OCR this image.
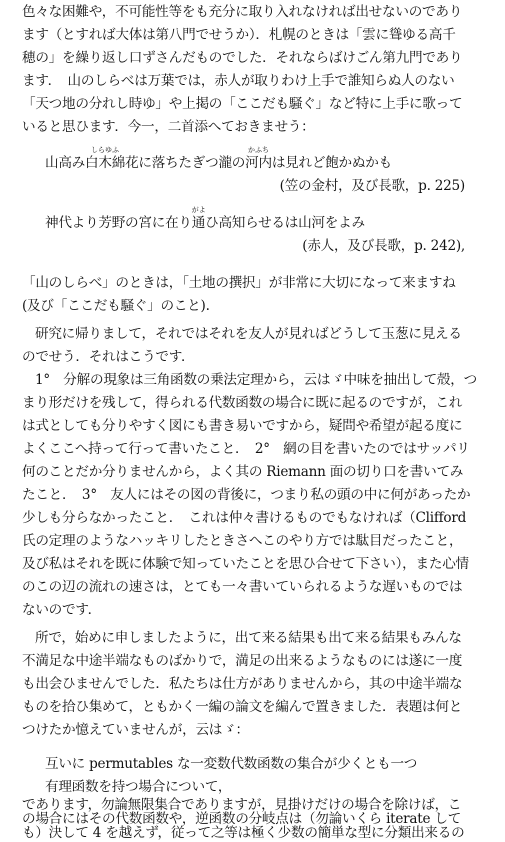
色々な困難や，不可能性等をも充分に取り入れなければ出せないのであり
ます（とすれば大体は第八門でせうか）．札幌のときは「雲に聳ゆる高千
穂の」を繰り返し口ずさんだものでした．それならばけごん第九門であり
ます．　山のしらべは万葉では，赤人が取りわけ上手で誰知らぬ人のない
「天つ地の分れし時ゆ」や上掲の「ここだも騒ぐ」など特に上手に歌って
いると思ひます．今一，二首添へておきませう：
山高み
しらゆふ
白木綿花に落ちたぎつ瀧の
かふち
河内は見れど飽かぬかも
(笠の金村，及び長歌，p. 225)
神代より芳野の宮に在り
がよ
通ひ高知らせるは山河をよみ
(赤人，及び長歌，p. 242),
「山のしらべ」のときは，「土地の撰択」が非常に大切になって来ますね
(及び「ここだも騒ぐ」のこと).
研究に帰りまして，それではそれを友人が見ればどうして玉葱に見える
のでせう．それはこうです．
1°　分解の現象は三角函数の乗法定理から，云はゞ中味を抽出して殻，つ
まり形だけを残して，得られる代数函数の場合に既に起るのですが，これ
は式としても分りやすく図にも書き易いですから，疑問や希望が起る度に
よくここへ持って行って書いたこと．　2°　網の目を書いたのではサッパリ
何のことだか分りませんから，よく其の Riemann 面の切り口を書いてみ
たこと．　3°　友人にはその図の背後に，つまり私の頭の中に何があったか
少しも分らなかったこと．　これは仲々書けるものでもなければ（Clifford
氏の定理のようなハッキリしたときさへこのやり方では駄目だったこと，
及び私はそれを既に体験で知っていたことを思ひ合せて下さい），また心情
のこの辺の流れの速さは，とても一々書いていられるような遅いものでは
ないのです．
所で，始めに申しましたように，出て来る結果も出て来る結果もみんな
不満足な中途半端なものばかりで，満足の出来るようなものには遂に一度
も出会ひませんでした．私たちは仕方がありませんから，其の中途半端な
ものを拾ひ集めて，ともかく一編の論文を編んで置きました．表題は何と
つけたか憶えていませんが，云はゞ：
互いに permutables な一変数代数函数の集合が少くとも一つ
有理函数を持つ場合について，
であります，勿論無限集合でありますが，見掛けだけの場合を除けば，こ
の場合にはその代数函数や，逆函数の分岐点は（勿論いくら iterate して
も）決して 4 を越えず，従って之等は極く少数の簡単な型に分類出来るの
